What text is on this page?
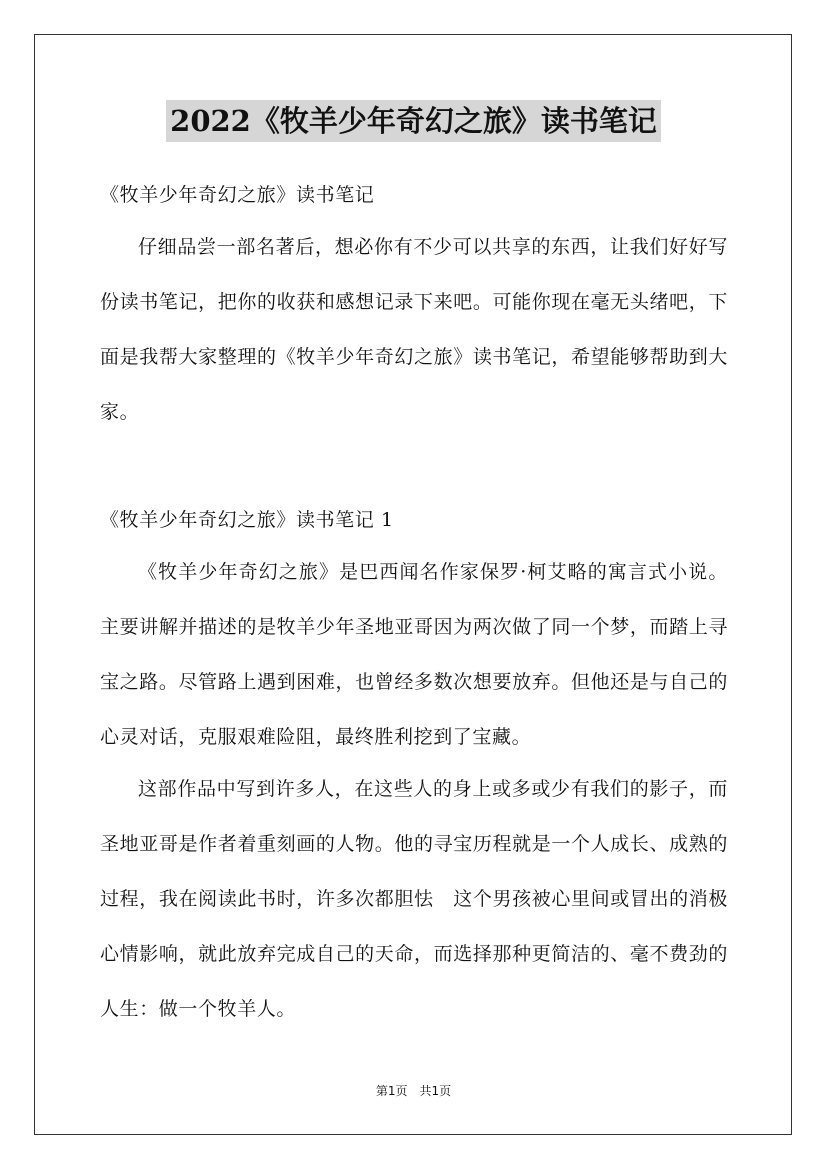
2022《牧羊少年奇幻之旅》读书笔记
《牧羊少年奇幻之旅》读书笔记

仔细品尝一部名著后，想必你有不少可以共享的东西，让我们好好写份读书笔记，把你的收获和感想记录下来吧。可能你现在毫无头绪吧，下面是我帮大家整理的《牧羊少年奇幻之旅》读书笔记，希望能够帮助到大家。

《牧羊少年奇幻之旅》读书笔记 1

《牧羊少年奇幻之旅》是巴西闻名作家保罗·柯艾略的寓言式小说。主要讲解并描述的是牧羊少年圣地亚哥因为两次做了同一个梦，而踏上寻宝之路。尽管路上遇到困难，也曾经多数次想要放弃。但他还是与自己的心灵对话，克服艰难险阻，最终胜利挖到了宝藏。

这部作品中写到许多人，在这些人的身上或多或少有我们的影子，而圣地亚哥是作者着重刻画的人物。他的寻宝历程就是一个人成长、成熟的过程，我在阅读此书时，许多次都胆怯　这个男孩被心里间或冒出的消极心情影响，就此放弃完成自己的天命，而选择那种更简洁的、毫不费劲的人生：做一个牧羊人。

第1页　共1页
